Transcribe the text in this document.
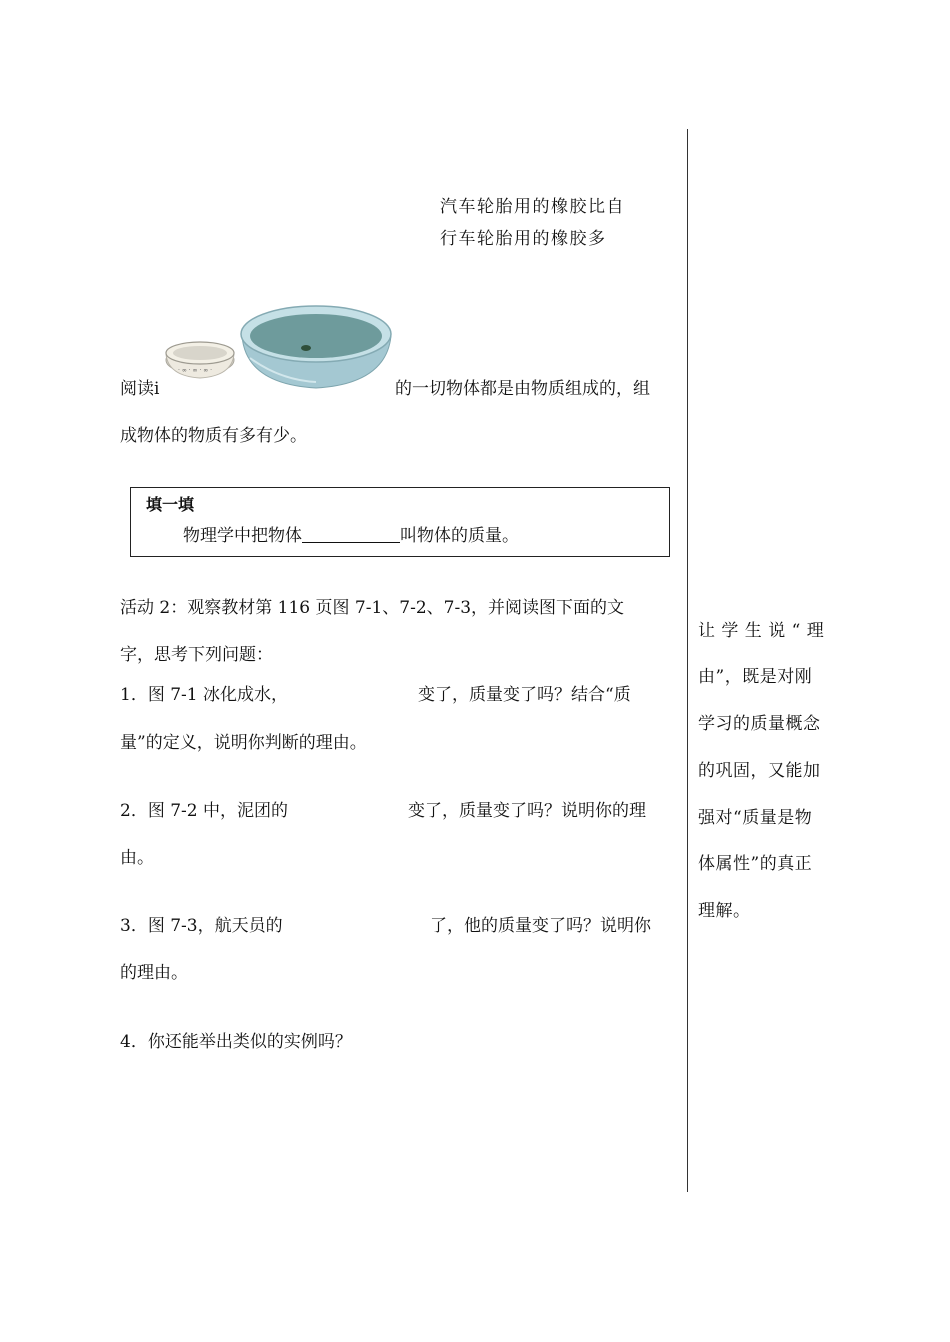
汽车轮胎用的橡胶比自
行车轮胎用的橡胶多
· ∞ · ∞ · ∞ ·
阅读i	的一切物体都是由物质组成的，组
成物体的物质有多有少。
填一填
物理学中把物体	叫物体的质量。
活动 2：观察教材第 116 页图 7-1、7-2、7-3，并阅读图下面的文
字，思考下列问题：
1．图 7-1 冰化成水，	变了，质量变了吗？结合“质
量”的定义，说明你判断的理由。
2．图 7-2 中，泥团的	变了，质量变了吗？说明你的理
由。
3．图 7-3，航天员的	了，他的质量变了吗？说明你
的理由。
4．你还能举出类似的实例吗？
让 学 生 说 “ 理
由”，既是对刚
学习的质量概念
的巩固，又能加
强对“质量是物
体属性”的真正
理解。
